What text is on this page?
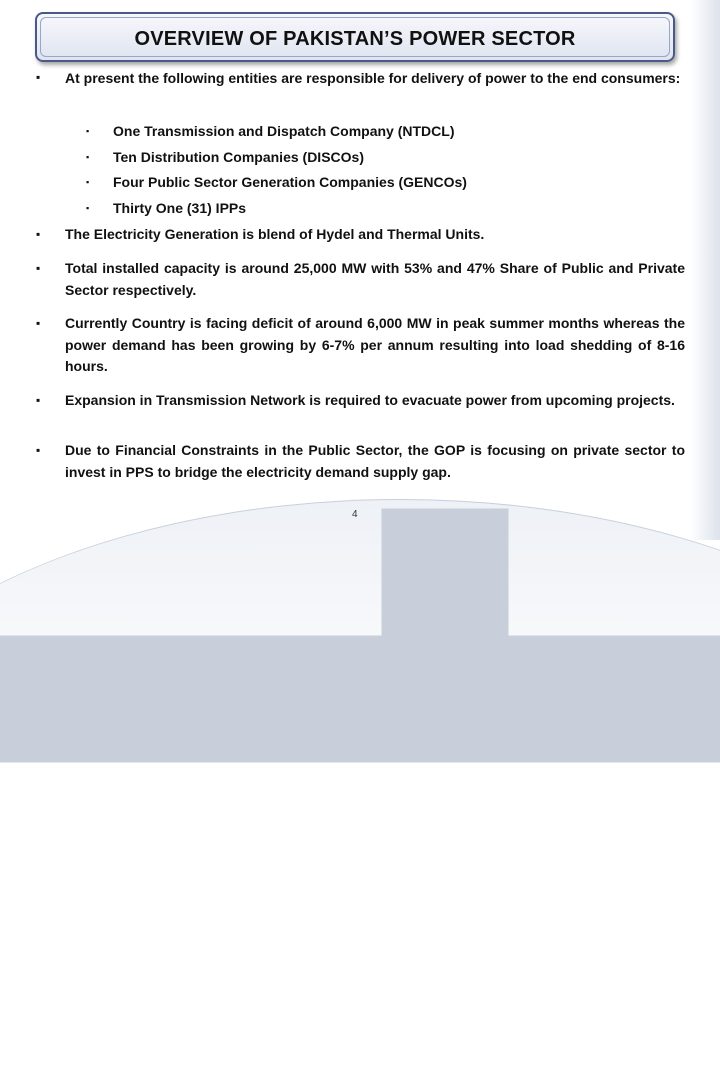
OVERVIEW OF PAKISTAN’S POWER SECTOR
▪ At present the following entities are responsible for delivery of power to the end consumers:
▪ One Transmission and Dispatch Company (NTDCL)
▪ Ten Distribution Companies (DISCOs)
▪ Four Public Sector Generation Companies (GENCOs)
▪ Thirty One (31) IPPs
▪ The Electricity Generation is blend of Hydel and Thermal Units.
▪ Total installed capacity is around 25,000 MW with 53% and 47% Share of Public and Private Sector respectively.
▪ Currently Country is facing deficit of around 6,000 MW in peak summer months whereas the power demand has been growing by 6-7% per annum resulting into load shedding of 8-16 hours.
▪ Expansion in Transmission Network is required to evacuate power from upcoming projects.
▪ Due to Financial Constraints in the Public Sector, the GOP is focusing on private sector to invest in PPS to bridge the electricity demand supply gap.
4
